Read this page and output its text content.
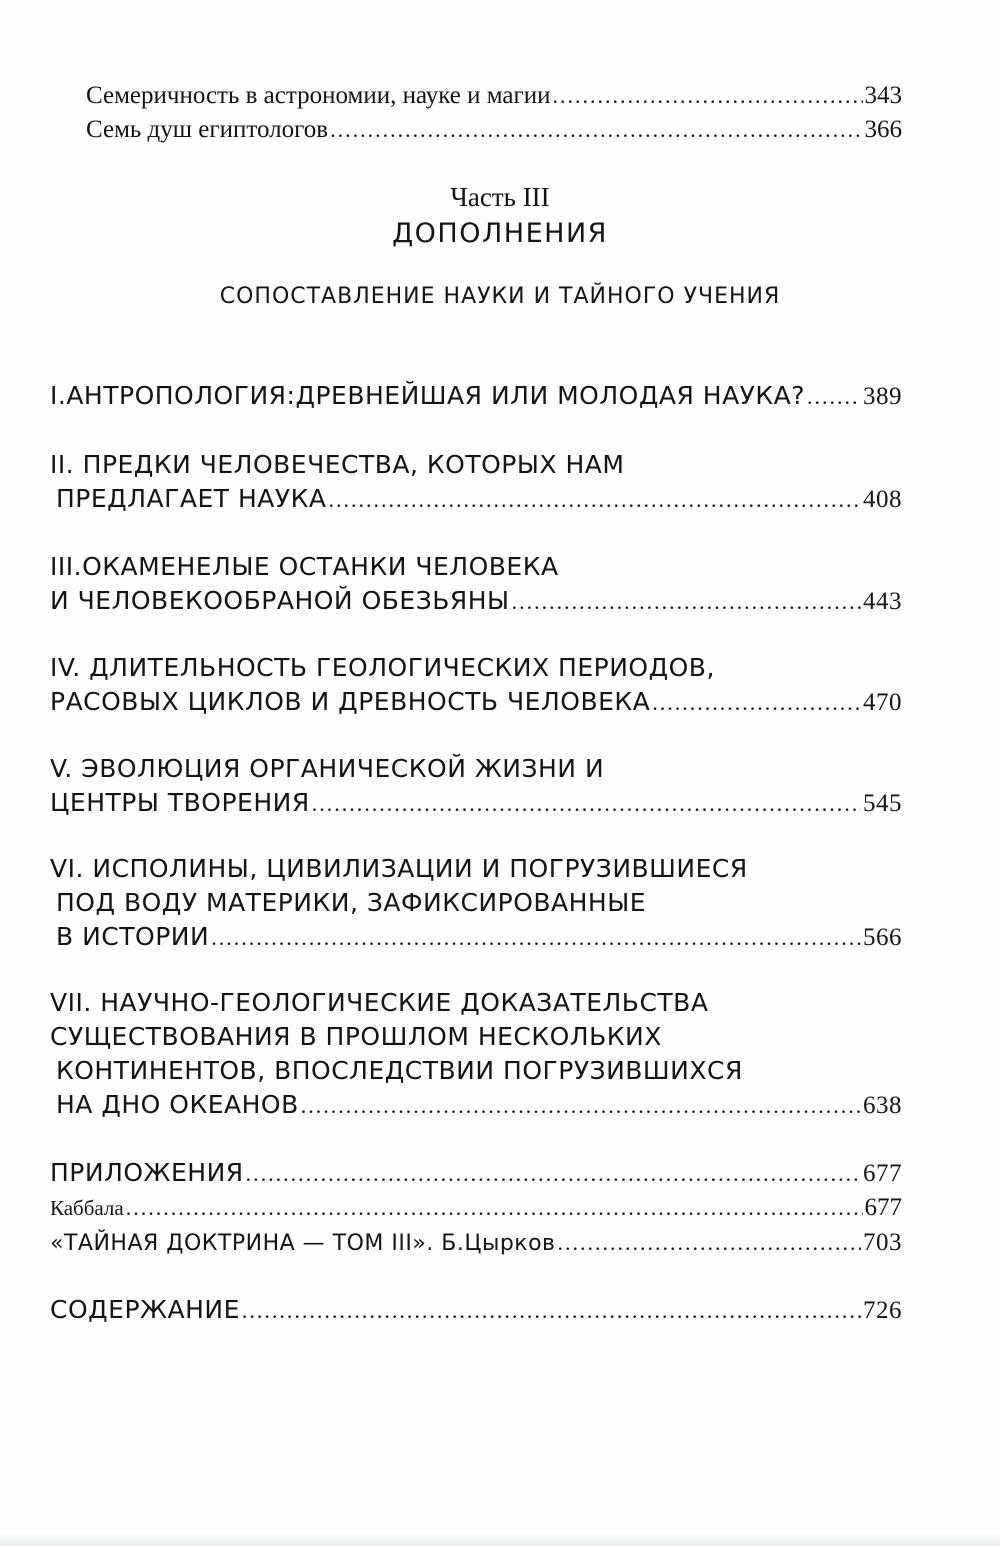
Семеричность в астрономии, науке и магии .....	343
Семь душ египтологов .....	366
Часть III
ДОПОЛНЕНИЯ
СОПОСТАВЛЕНИЕ НАУКИ И ТАЙНОГО УЧЕНИЯ
I.АНТРОПОЛОГИЯ:ДРЕВНЕЙШАЯ ИЛИ МОЛОДАЯ НАУКА? ..... 389
II. ПРЕДКИ ЧЕЛОВЕЧЕСТВА, КОТОРЫХ НАМ
ПРЕДЛАГАЕТ НАУКА .....	408
III.ОКАМЕНЕЛЫЕ ОСТАНКИ ЧЕЛОВЕКА
И ЧЕЛОВЕКООБРАНОЙ ОБЕЗЬЯНЫ .....	443
IV. ДЛИТЕЛЬНОСТЬ ГЕОЛОГИЧЕСКИХ ПЕРИОДОВ,
РАСОВЫХ ЦИКЛОВ И ДРЕВНОСТЬ ЧЕЛОВЕКА .....	470
V. ЭВОЛЮЦИЯ ОРГАНИЧЕСКОЙ ЖИЗНИ И
ЦЕНТРЫ ТВОРЕНИЯ .....	545
VI. ИСПОЛИНЫ, ЦИВИЛИЗАЦИИ И ПОГРУЗИВШИЕСЯ
ПОД ВОДУ МАТЕРИКИ, ЗАФИКСИРОВАННЫЕ
В ИСТОРИИ .....	566
VII. НАУЧНО-ГЕОЛОГИЧЕСКИЕ ДОКАЗАТЕЛЬСТВА
СУЩЕСТВОВАНИЯ В ПРОШЛОМ НЕСКОЛЬКИХ
КОНТИНЕНТОВ, ВПОСЛЕДСТВИИ ПОГРУЗИВШИХСЯ
НА ДНО ОКЕАНОВ .....	638
ПРИЛОЖЕНИЯ .....	677
Каббала .....	677
«ТАЙНАЯ ДОКТРИНА — ТОМ III». Б.Цырков .....	703
СОДЕРЖАНИЕ .....	726
